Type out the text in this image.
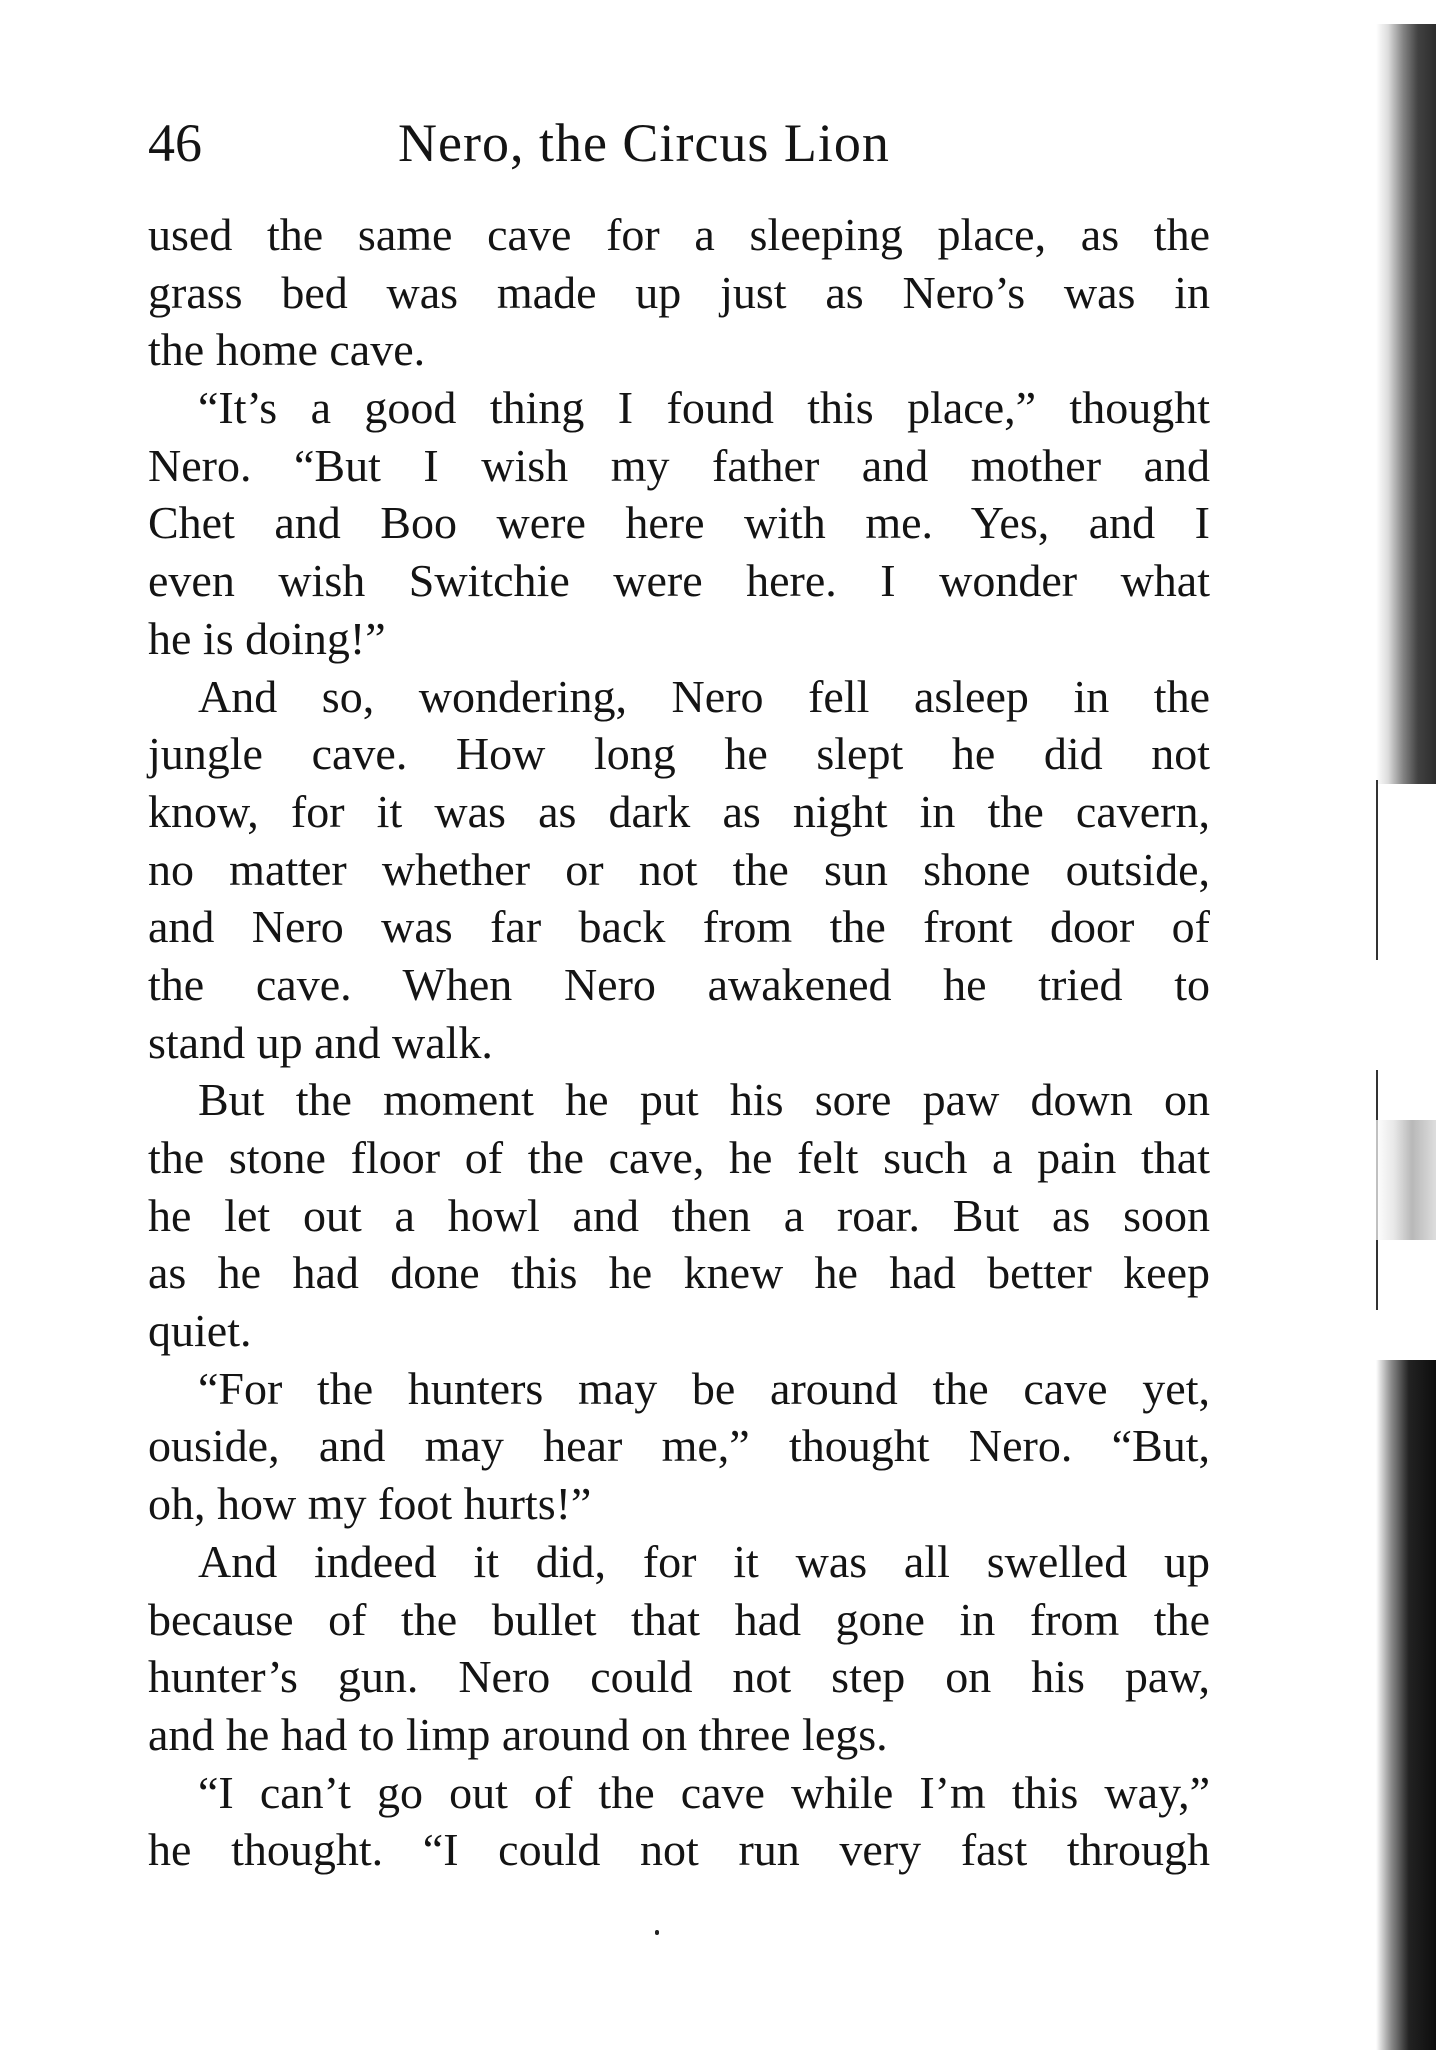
46	Nero, the Circus Lion
used the same cave for a sleeping place, as the
grass bed was made up just as Nero’s was in
the home cave.
“It’s a good thing I found this place,” thought
Nero. “But I wish my father and mother and
Chet and Boo were here with me. Yes, and I
even wish Switchie were here. I wonder what
he is doing!”
And so, wondering, Nero fell asleep in the
jungle cave. How long he slept he did not
know, for it was as dark as night in the cavern,
no matter whether or not the sun shone outside,
and Nero was far back from the front door of
the cave. When Nero awakened he tried to
stand up and walk.
But the moment he put his sore paw down on
the stone floor of the cave, he felt such a pain that
he let out a howl and then a roar. But as soon
as he had done this he knew he had better keep
quiet.
“For the hunters may be around the cave yet,
ouside, and may hear me,” thought Nero. “But,
oh, how my foot hurts!”
And indeed it did, for it was all swelled up
because of the bullet that had gone in from the
hunter’s gun. Nero could not step on his paw,
and he had to limp around on three legs.
“I can’t go out of the cave while I’m this way,”
he thought. “I could not run very fast through
